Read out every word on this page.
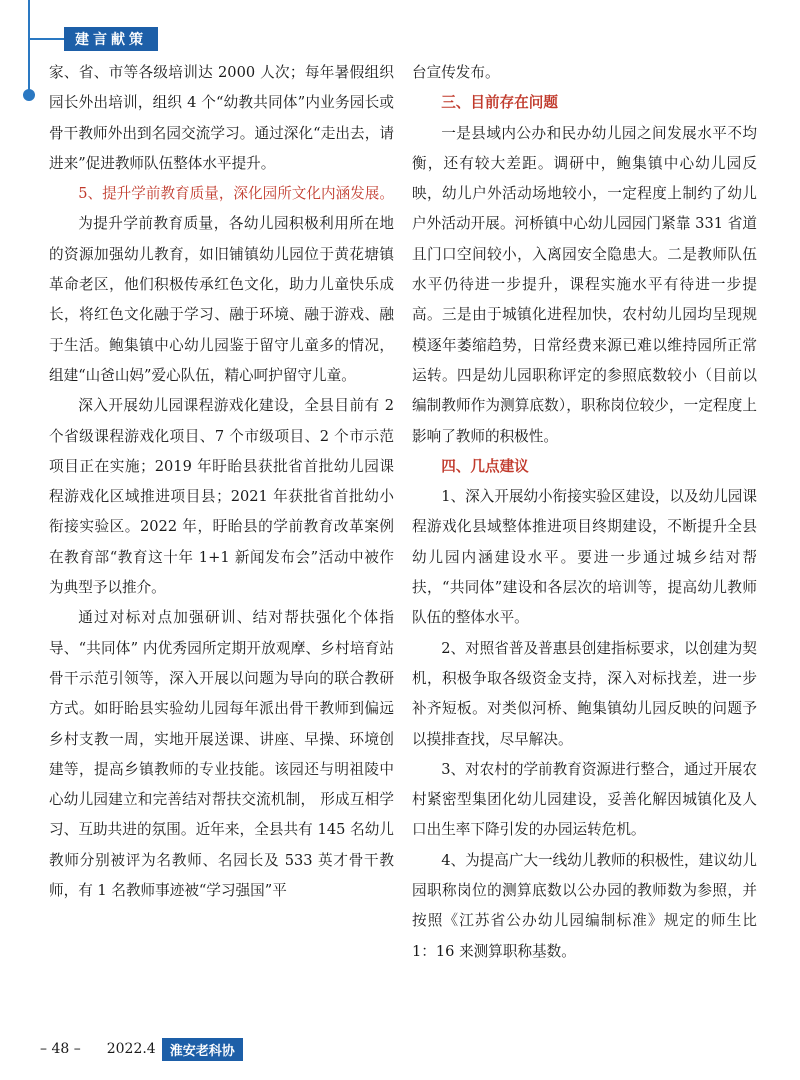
建言献策

家、省、市等各级培训达 2000 人次；每年暑假组织园长外出培训，组织 4 个“幼教共同体”内业务园长或骨干教师外出到名园交流学习。通过深化“走出去，请进来”促进教师队伍整体水平提升。

5、提升学前教育质量，深化园所文化内涵发展。

为提升学前教育质量，各幼儿园积极利用所在地的资源加强幼儿教育，如旧铺镇幼儿园位于黄花塘镇革命老区，他们积极传承红色文化，助力儿童快乐成长，将红色文化融于学习、融于环境、融于游戏、融于生活。鲍集镇中心幼儿园鉴于留守儿童多的情况，组建“山爸山妈”爱心队伍，精心呵护留守儿童。

深入开展幼儿园课程游戏化建设，全县目前有 2 个省级课程游戏化项目、7 个市级项目、2 个市示范项目正在实施；2019 年盱眙县获批省首批幼儿园课程游戏化区域推进项目县；2021 年获批省首批幼小衔接实验区。2022 年，盱眙县的学前教育改革案例在教育部“教育这十年 1+1 新闻发布会”活动中被作为典型予以推介。

通过对标对点加强研训、结对帮扶强化个体指导、“共同体” 内优秀园所定期开放观摩、乡村培育站骨干示范引领等，深入开展以问题为导向的联合教研方式。如盱眙县实验幼儿园每年派出骨干教师到偏远乡村支教一周，实地开展送课、讲座、早操、环境创建等，提高乡镇教师的专业技能。该园还与明祖陵中心幼儿园建立和完善结对帮扶交流机制， 形成互相学习、互助共进的氛围。近年来，全县共有 145 名幼儿教师分别被评为名教师、名园长及 533 英才骨干教师，有 1 名教师事迹被“学习强国”平

台宣传发布。

三、目前存在问题

一是县域内公办和民办幼儿园之间发展水平不均衡，还有较大差距。调研中，鲍集镇中心幼儿园反映，幼儿户外活动场地较小，一定程度上制约了幼儿户外活动开展。河桥镇中心幼儿园园门紧靠 331 省道且门口空间较小，入离园安全隐患大。二是教师队伍水平仍待进一步提升，课程实施水平有待进一步提高。三是由于城镇化进程加快，农村幼儿园均呈现规模逐年萎缩趋势，日常经费来源已难以维持园所正常运转。四是幼儿园职称评定的参照底数较小（目前以编制教师作为测算底数），职称岗位较少，一定程度上影响了教师的积极性。

四、几点建议

1、深入开展幼小衔接实验区建设，以及幼儿园课程游戏化县域整体推进项目终期建设，不断提升全县幼儿园内涵建设水平。要进一步通过城乡结对帮扶，“共同体”建设和各层次的培训等，提高幼儿教师队伍的整体水平。

2、对照省普及普惠县创建指标要求，以创建为契机，积极争取各级资金支持，深入对标找差，进一步补齐短板。对类似河桥、鲍集镇幼儿园反映的问题予以摸排查找，尽早解决。

3、对农村的学前教育资源进行整合，通过开展农村紧密型集团化幼儿园建设，妥善化解因城镇化及人口出生率下降引发的办园运转危机。

4、为提高广大一线幼儿教师的积极性，建议幼儿园职称岗位的测算底数以公办园的教师数为参照，并按照《江苏省公办幼儿园编制标准》规定的师生比 1：16 来测算职称基数。

– 48 – 2022.4	淮安老科协
